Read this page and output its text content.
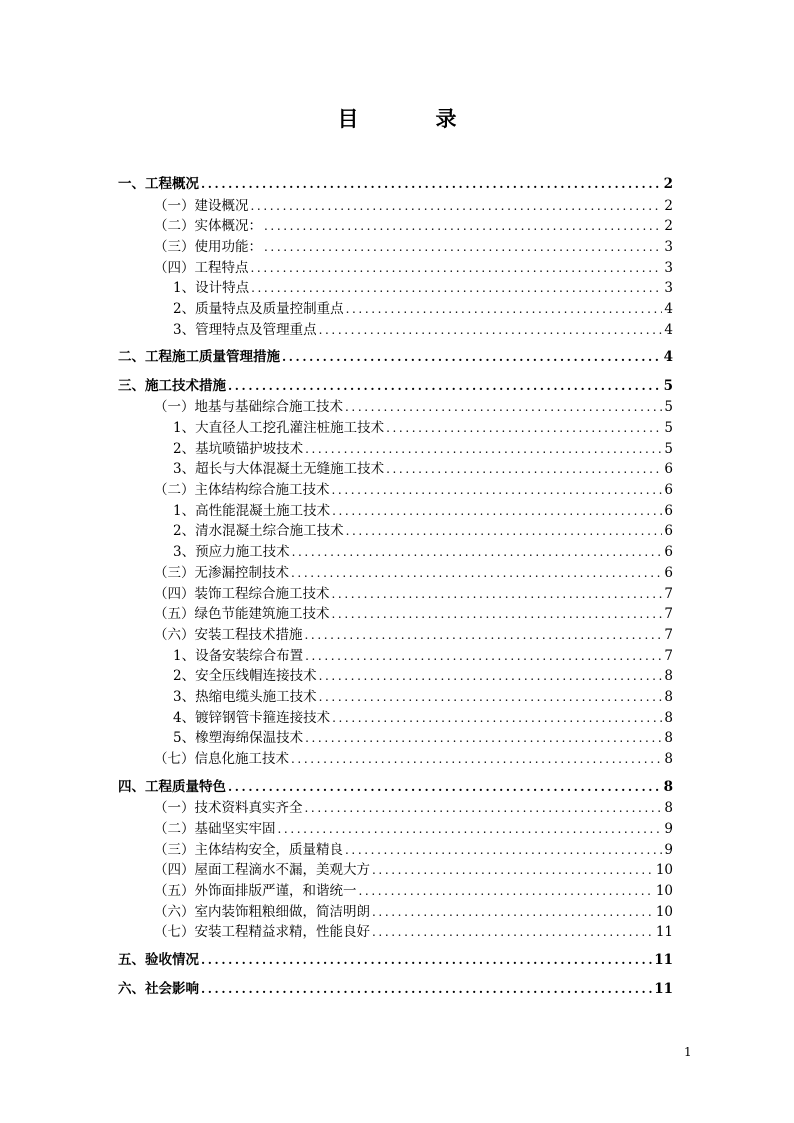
目　录
一、工程概况 .....	2
（一）建设概况 .....	2
（二）实体概况： .....	2
（三）使用功能： .....	3
（四）工程特点 .....	3
1、设计特点 .....	3
2、质量特点及质量控制重点 .....	4
3、管理特点及管理重点 .....	4
二、工程施工质量管理措施 .....	4
三、施工技术措施 .....	5
（一）地基与基础综合施工技术 .....	5
1、大直径人工挖孔灌注桩施工技术 .....	5
2、基坑喷锚护坡技术 .....	5
3、超长与大体混凝土无缝施工技术 .....	6
（二）主体结构综合施工技术 .....	6
1、高性能混凝土施工技术 .....	6
2、清水混凝土综合施工技术 .....	6
3、预应力施工技术 .....	6
（三）无渗漏控制技术 .....	6
（四）装饰工程综合施工技术 .....	7
（五）绿色节能建筑施工技术 .....	7
（六）安装工程技术措施 .....	7
1、设备安装综合布置 .....	7
2、安全压线帽连接技术 .....	8
3、热缩电缆头施工技术 .....	8
4、镀锌钢管卡箍连接技术 .....	8
5、橡塑海绵保温技术 .....	8
（七）信息化施工技术 .....	8
四、工程质量特色 .....	8
（一）技术资料真实齐全 .....	8
（二）基础坚实牢固 .....	9
（三）主体结构安全，质量精良 .....	9
（四）屋面工程滴水不漏，美观大方 .....	10
（五）外饰面排版严谨，和谐统一 .....	10
（六）室内装饰粗粮细做，简洁明朗 .....	10
（七）安装工程精益求精，性能良好 .....	11
五、验收情况 .....	11
六、社会影响 .....	11
1
